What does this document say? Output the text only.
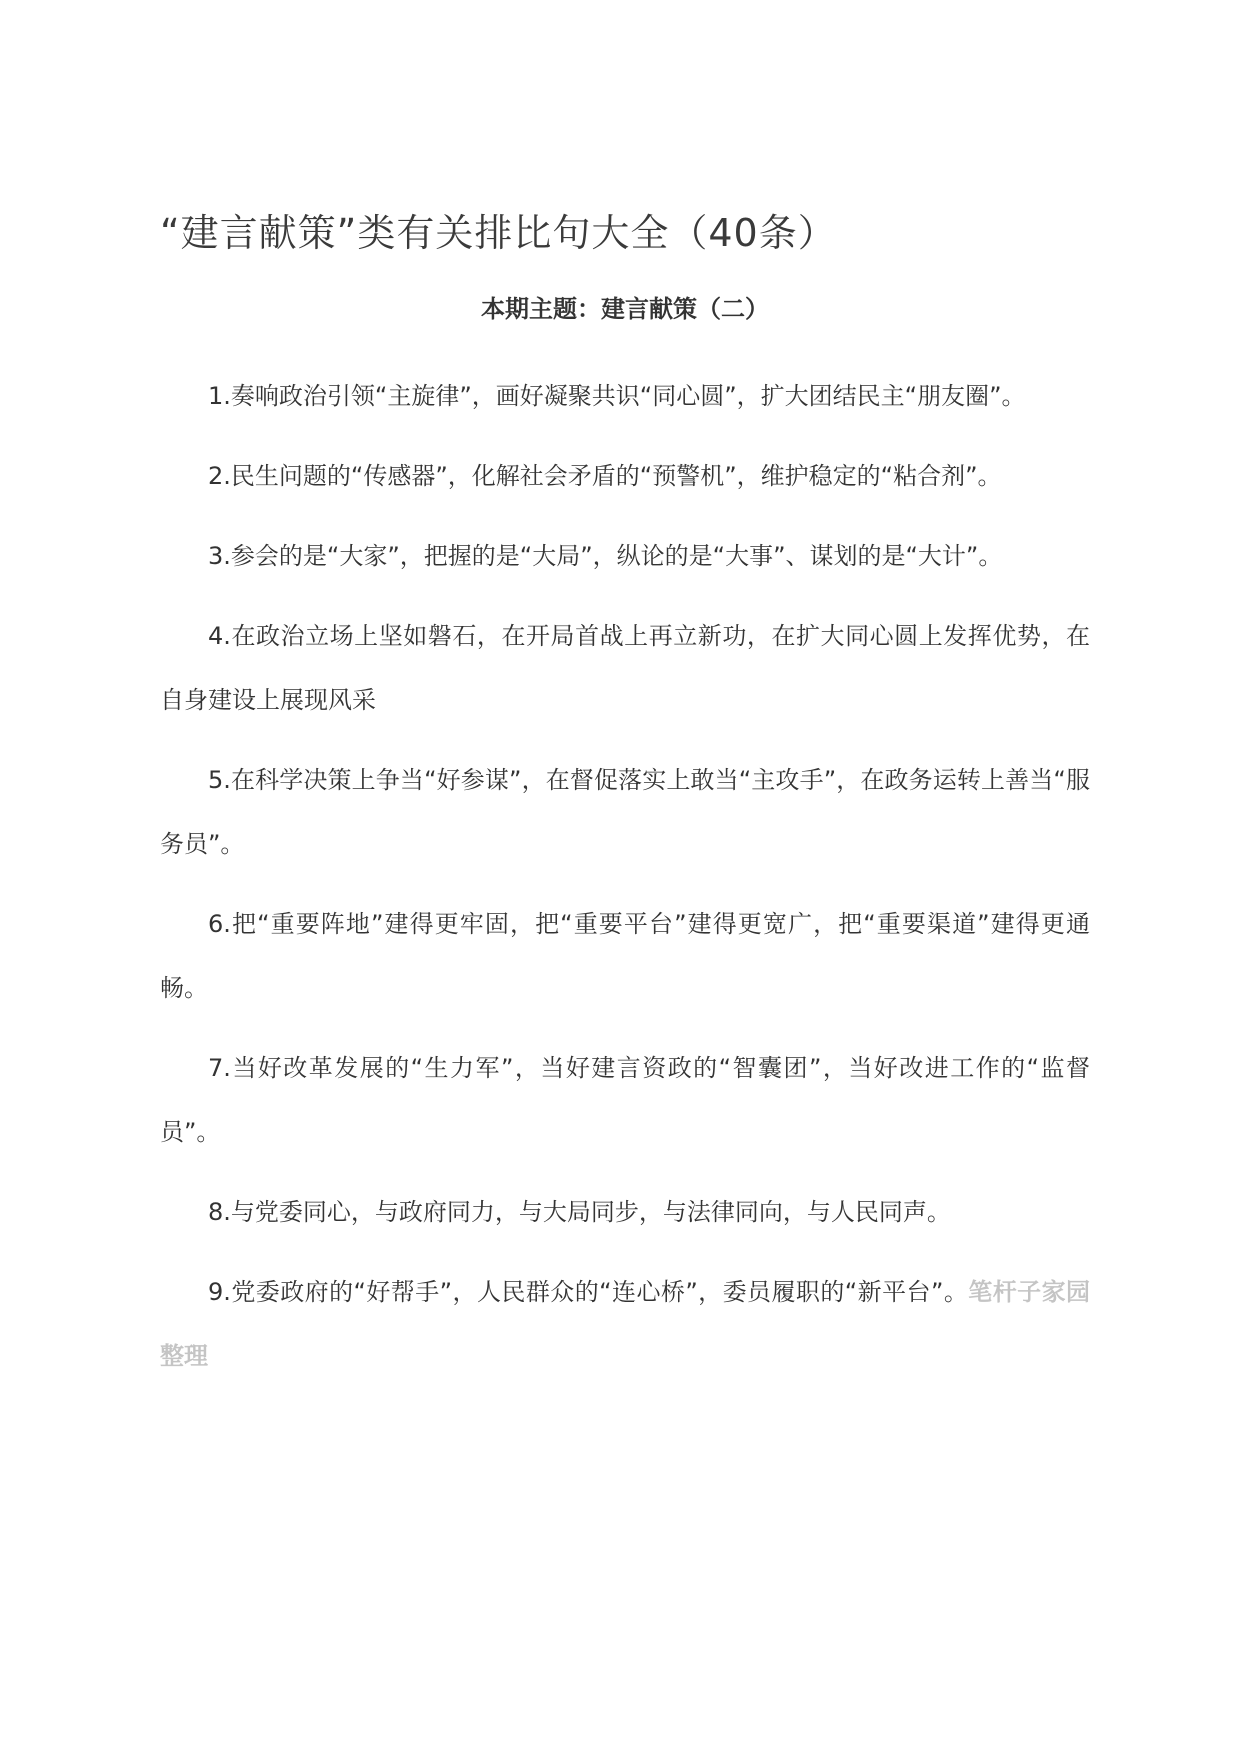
“建言献策”类有关排比句大全（40条）
本期主题：建言献策（二）

1.奏响政治引领“主旋律”，画好凝聚共识“同心圆”，扩大团结民主“朋友圈”。

2.民生问题的“传感器”，化解社会矛盾的“预警机”，维护稳定的“粘合剂”。

3.参会的是“大家”，把握的是“大局”，纵论的是“大事”、谋划的是“大计”。

4.在政治立场上坚如磐石，在开局首战上再立新功，在扩大同心圆上发挥优势，在自身建设上展现风采

5.在科学决策上争当“好参谋”，在督促落实上敢当“主攻手”，在政务运转上善当“服务员”。

6.把“重要阵地”建得更牢固，把“重要平台”建得更宽广，把“重要渠道”建得更通畅。

7.当好改革发展的“生力军”，当好建言资政的“智囊团”，当好改进工作的“监督员”。

8.与党委同心，与政府同力，与大局同步，与法律同向，与人民同声。

9.党委政府的“好帮手”，人民群众的“连心桥”，委员履职的“新平台”。笔杆子家园整理
